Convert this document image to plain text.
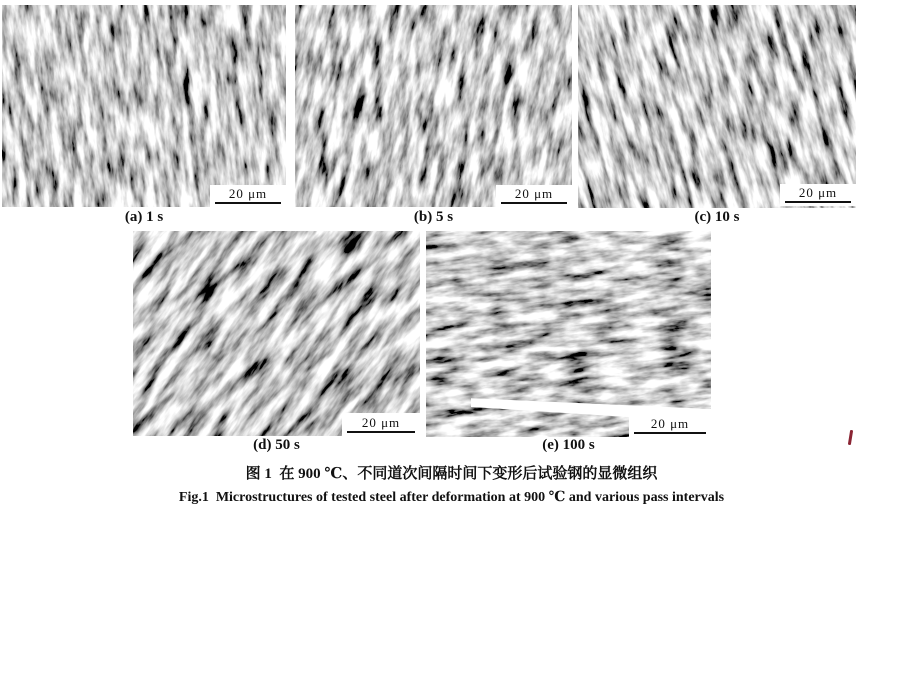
20 μm	20 μm	20 μm
20 μm	20 μm
(a) 1 s	(b) 5 s	(c) 10 s
(d) 50 s	(e) 100 s
图 1  在 900 ℃、不同道次间隔时间下变形后试验钢的显微组织
Fig.1  Microstructures of tested steel after deformation at 900 ℃ and various pass intervals
